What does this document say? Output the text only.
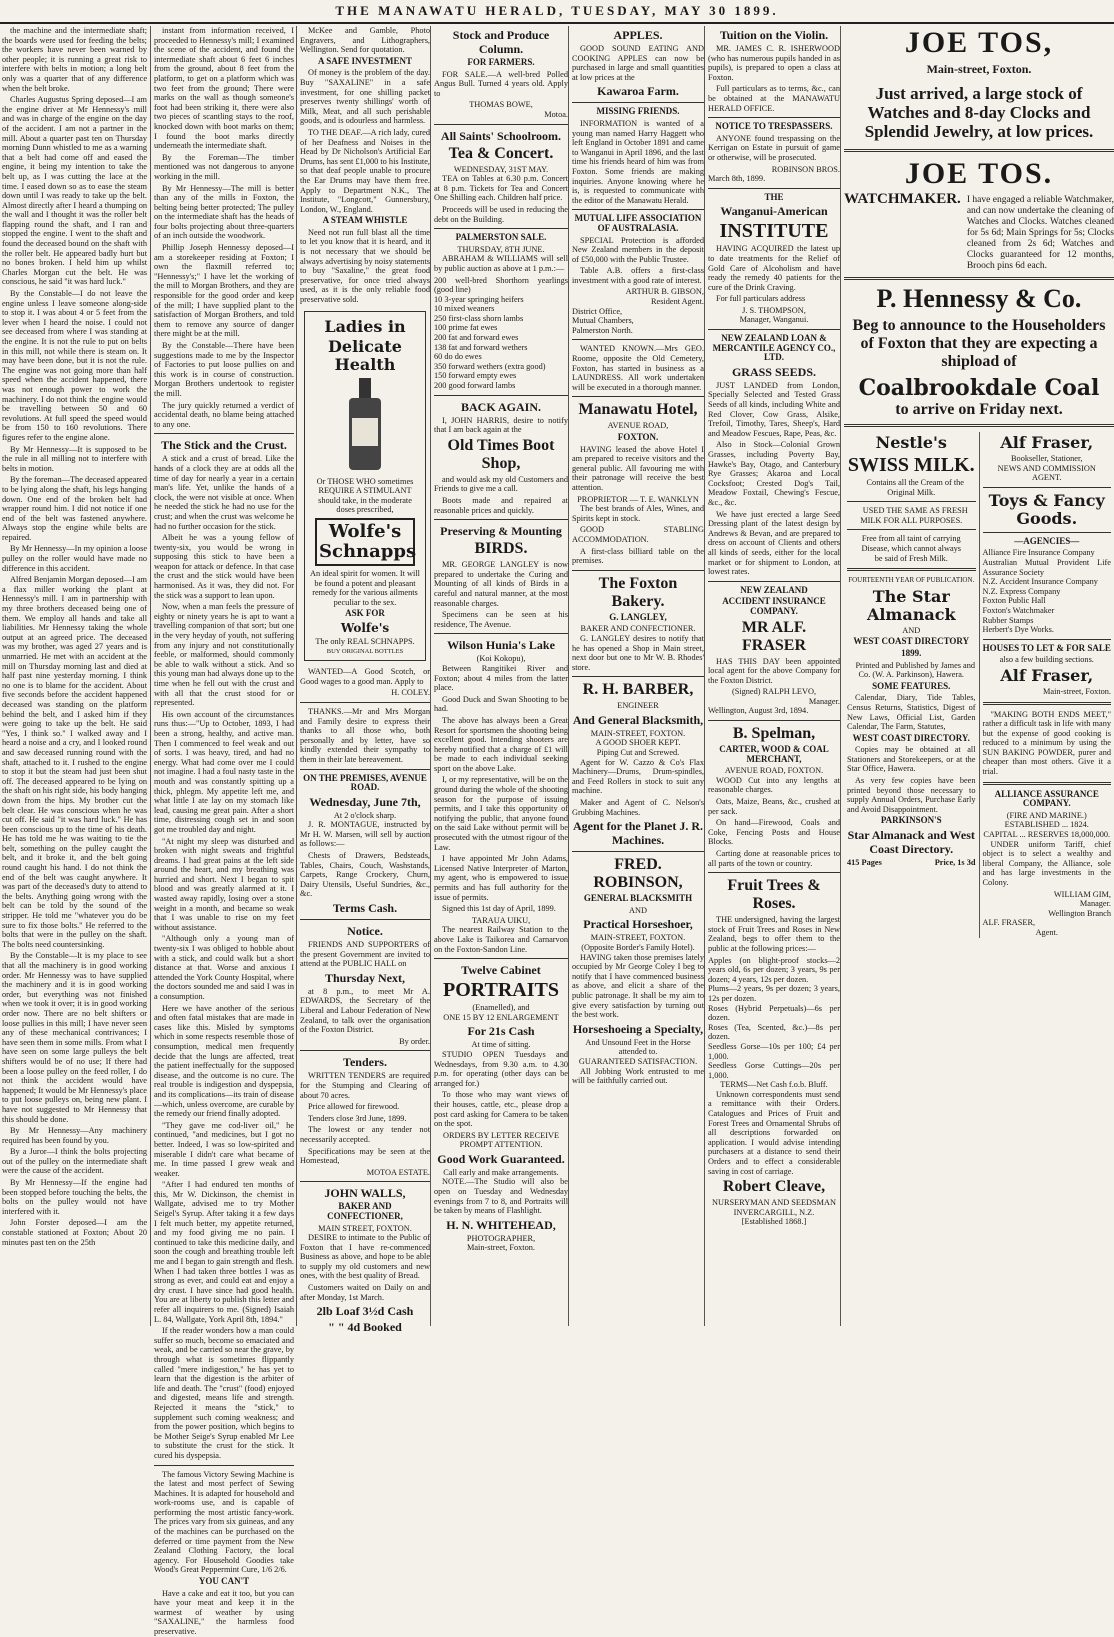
THE MANAWATU HERALD, TUESDAY, MAY 30 1899.

the machine and the intermediate shaft; the boards were used for feeding the belts; the workers have never been warned by other people; it is running a great risk to interfere with belts in motion; a long belt only was a quarter that of any difference when the belt broke.

Charles Augustus Spring deposed—I am the engine driver at Mr Hennessy's mill and was in charge of the engine on the day of the accident. I am not a partner in the mill. About a quarter past ten on Thursday morning Dunn whistled to me as a warning that a belt had come off and eased the engine, it being my intention to take the belt up, as I was cutting the lace at the time. I eased down so as to ease the steam down until I was ready to take up the belt. Almost directly after I heard a thumping on the wall and I thought it was the roller belt flapping round the shaft, and I ran and stopped the engine. I went to the shaft and found the deceased bound on the shaft with the roller belt. He appeared badly hurt but no bones broken. I held him up whilst Charles Morgan cut the belt. He was conscious, he said "it was hard luck."

By the Constable—I do not leave the engine unless I leave someone along-side to stop it. I was about 4 or 5 feet from the lever when I heard the noise. I could not see deceased from where I was standing at the engine. It is not the rule to put on belts in this mill, not while there is steam on. It may have been done, but it is not the rule. The engine was not going more than half speed when the accident happened, there was not enough power to work the machinery. I do not think the engine would be travelling between 50 and 60 revolutions. At full speed the speed would be from 150 to 160 revolutions. There figures refer to the engine alone.

By Mr Hennessy—It is supposed to be the rule in all milling not to interfere with belts in motion.

By the foreman—The deceased appeared to be lying along the shaft, his legs hanging down. One end of the broken belt had wrapper round him. I did not notice if one end of the belt was fastened anywhere. Always stop the engine while belts are repaired.

By Mr Hennessy—In my opinion a loose pulley on the roller would have made no difference in this accident.

Alfred Benjamin Morgan deposed—I am a flax miller working the plant at Hennessy's mill. I am in partnership with my three brothers deceased being one of them. We employ all hands and take all liabilities. Mr Hennessy taking the whole output at an agreed price. The deceased was my brother, was aged 27 years and is unmarried. He met with an accident at the mill on Thursday morning last and died at half past nine yesterday morning. I think no one is to blame for the accident. About five seconds before the accident happened deceased was standing on the platform behind the belt, and I asked him if they were going to take up the belt. He said "Yes, I think so." I walked away and I heard a noise and a cry, and I looked round and saw deceased running round with the shaft, attached to it. I rushed to the engine to stop it but the steam had just been shut off. The deceased appeared to be lying on the shaft on his right side, his body hanging down from the hips. My brother cut the belt clear. He was conscious when he was cut off. He said "it was hard luck." He has been conscious up to the time of his death. He has told me he was waiting to tie the belt, something on the pulley caught the belt, and it broke it, and the belt going round caught his hand. I do not think the end of the belt was caught anywhere. It was part of the deceased's duty to attend to the belts. Anything going wrong with the belt can be told by the sound of the stripper. He told me "whatever you do be sure to fix those bolts." He referred to the bolts that were in the pulley on the shaft. The bolts need countersinking.

By the Constable—It is my place to see that all the machinery is in good working order. Mr Hennessy was to have supplied the machinery and it is in good working order, but everything was not finished when we took it over; it is in good working order now. There are no belt shifters or loose pullies in this mill; I have never seen any of these mechanical contrivances; I have seen them in some mills. From what I have seen on some large pulleys the belt shifters would be of no use; If there had been a loose pulley on the feed roller, I do not think the accident would have happened; It would be Mr Hennessy's place to put loose pulleys on, being new plant. I have not suggested to Mr Hennessy that this should be done.

By Mr Hennessy—Any machinery required has been found by you.

By a Juror—I think the bolts projecting out of the pulley on the intermediate shaft were the cause of the accident.

By Mr Hennessy—If the engine had been stopped before touching the belts, the bolts on the pulley would not have interfered with it.

John Forster deposed—I am the constable stationed at Foxton; About 20 minutes past ten on the 25th

instant from information received, I proceeded to Hennessy's mill; I examined the scene of the accident, and found the intermediate shaft about 6 feet 6 inches from the ground, about 8 feet from the platform, to get on a platform which was two feet from the ground; There were marks on the wall as though someone's foot had been striking it, there were also two pieces of scantling stays to the roof, knocked down with boot marks on them; I found the boot marks directly underneath the intermediate shaft.

By the Foreman—The timber mentioned was not dangerous to anyone working in the mill.

By Mr Hennessy—The mill is better than any of the mills in Foxton, the belting being better protected; The pulley on the intermediate shaft has the heads of four bolts projecting about three-quarters of an inch outside the woodwork.

Phillip Joseph Hennessy deposed—I am a storekeeper residing at Foxton; I own the flaxmill referred to; "Hennessy's;" I have let the working of the mill to Morgan Brothers, and they are responsible for the good order and keep of the mill; I have supplied plant to the satisfaction of Morgan Brothers, and told them to remove any source of danger there might be at the mill.

By the Constable—There have been suggestions made to me by the Inspector of Factories to put loose pullies on and this work is in course of construction. Morgan Brothers undertook to register the mill.

The jury quickly returned a verdict of accidental death, no blame being attached to any one.

The Stick and the Crust.

A stick and a crust of bread. Like the hands of a clock they are at odds all the time of day for nearly a year in a certain man's life. Yet, unlike the hands of a clock, the were not visible at once. When he needed the stick he had no use for the crust; and when the crust was welcome he had no further occasion for the stick.

Albeit he was a young fellow of twenty-six, you would be wrong in supposing this stick to have been a weapon for attack or defence. In that case the crust and the stick would have been harmonised. As it was, they did not. For the stick was a support to lean upon.

Now, when a man feels the pressure of eighty or ninety years he is apt to want a travelling companion of that sort; but one in the very heyday of youth, not suffering from any injury and not constitutionally feeble, or malformed, should commonly be able to walk without a stick. And so this young man had always done up to the time when he fell out with the crust and with all that the crust stood for or represented.

His own account of the circumstances runs thus:—"Up to October, 1893, I had been a strong, healthy, and active man. Then I commenced to feel weak and out of sorts. I was heavy, tired, and had no energy. What had come over me I could not imagine. I had a foul nasty taste in the mouth and was constantly spitting up a thick, phlegm. My appetite left me, and what little I ate lay on my stomach like lead, causing me great pain. After a short time, distressing cough set in and soon got me troubled day and night.

"At night my sleep was disturbed and broken with night sweats and frightful dreams. I had great pains at the left side around the heart, and my breathing was hurried and short. Next I began to spit blood and was greatly alarmed at it. I wasted away rapidly, losing over a stone weight in a month, and became so weak that I was unable to rise on my feet without assistance.

"Although only a young man of twenty-six I was obliged to hobble about with a stick, and could walk but a short distance at that. Worse and anxious I attended the York County Hospital, where the doctors sounded me and said I was in a consumption.

Here we have another of the serious and often fatal mistakes that are made in cases like this. Misled by symptoms which in some respects resemble those of consumption, medical men frequently decide that the lungs are affected, treat the patient ineffectually for the supposed disease, and the outcome is no cure. The real trouble is indigestion and dyspepsia, and its complications—its train of disease—which, unless overcome, are curable by the remedy our friend finally adopted.

"They gave me cod-liver oil," he continued, "and medicines, but I got no better. Indeed, I was so low-spirited and miserable I didn't care what became of me. In time passed I grew weak and weaker.

"After I had endured ten months of this, Mr W. Dickinson, the chemist in Wallgate, advised me to try Mother Seigel's Syrup. After taking it a few days I felt much better, my appetite returned, and my food giving me no pain. I continued to take this medicine daily, and soon the cough and breathing trouble left me and I began to gain strength and flesh. When I had taken three bottles I was as strong as ever, and could eat and enjoy a dry crust. I have since had good health. You are at liberty to publish this letter and refer all inquirers to me. (Signed) Isaiah L. 84, Wallgate, York April 8th, 1894."

If the reader wonders how a man could suffer so much, become so emaciated and weak, and be carried so near the grave, by through what is sometimes flippantly called "mere indigestion," he has yet to learn that the digestion is the arbiter of life and death. The "crust" (food) enjoyed and digested, means life and strength. Rejected it means the "stick," to supplement such coming weakness; and from the power position, which begins to be Mother Seige's Syrup enabled Mr Lee to substitute the crust for the stick. It cured his dyspepsia.

The famous Victory Sewing Machine is the latest and most perfect of Sewing Machines. It is adapted for household and work-rooms use, and is capable of performing the most artistic fancy-work. The prices vary from six guineas, and any of the machines can be purchased on the deferred or time payment from the New Zealand Clothing Factory, the local agency. For Household Goodies take Wood's Great Peppermint Cure, 1/6 2/6.

YOU CAN'T

Have a cake and eat it too, but you can have your meat and keep it in the warmest of weather by using "SAXALINE," the harmless food preservative.

McKee and Gamble, Photo Engravers, and Lithographers, Wellington. Send for quotation.

A SAFE INVESTMENT

Of money is the problem of the day. Buy "SAXALINE" in a safe investment, for one shilling packet preserves twenty shillings' worth of Milk, Meat, and all such perishable goods, and is odourless and harmless.

TO THE DEAF.—A rich lady, cured of her Deafness and Noises in the Head by Dr Nicholson's Artificial Ear Drums, has sent £1,000 to his Institute, so that deaf people unable to procure the Ear Drums may have them free. Apply to Department N.K., The Institute, "Longcott," Gunnersbury, London, W., England.

A STEAM WHISTLE

Need not run full blast all the time to let you know that it is heard, and it is not necessary that we should be always advertising by noisy statements to buy "Saxaline," the great food preservative, for once tried always used, as it is the only reliable food preservative sold.

Ladies in
Delicate Health
Or THOSE WHO sometimes REQUIRE A STIMULANT should take, in the moderate doses prescribed,
Wolfe's
Schnapps
An ideal spirit for women. It will be found a potent and pleasant remedy for the various ailments peculiar to the sex.
ASK FOR
Wolfe's
The only REAL SCHNAPPS.
BUY ORIGINAL BOTTLES

WANTED—A Good Scotch, or Good wages to a good man. Apply to

H. COLEY.

THANKS.—Mr and Mrs Morgan and Family desire to express their thanks to all those who, both personally and by letter, have so kindly extended their sympathy to them in their late bereavement.

ON THE PREMISES, AVENUE ROAD.
Wednesday, June 7th,
At 2 o'clock sharp.

J. R. MONTAGUE, instructed by Mr H. W. Marsen, will sell by auction as follows:—

Chests of Drawers, Bedsteads, Tables, Chairs, Couch, Washstands, Carpets, Range Crockery, Churn, Dairy Utensils, Useful Sundries, &c., &c.

Terms Cash.
Notice.

FRIENDS AND SUPPORTERS of the present Government are invited to attend at the PUBLIC HALL on

Thursday Next,

at 8 p.m., to meet Mr A. EDWARDS, the Secretary of the Liberal and Labour Federation of New Zealand, to talk over the organisation of the Foxton District.

By order.
Tenders.

WRITTEN TENDERS are required for the Stumping and Clearing of about 70 acres.

Price allowed for firewood.

Tenders close 3rd June, 1899.

The lowest or any tender not necessarily accepted.

Specifications may be seen at the Homestead,

MOTOA ESTATE.
JOHN WALLS,
BAKER AND CONFECTIONER,
MAIN STREET, FOXTON.

DESIRE to intimate to the Public of Foxton that I have re-commenced Business as above, and hope to be able to supply my old customers and new ones, with the best quality of Bread.

Customers waited on Daily on and after Monday, 1st March.

2lb Loaf 3½d Cash
" " 4d Booked
Stock and Produce Column.
FOR FARMERS.

FOR SALE.—A well-bred Polled Angus Bull. Turned 4 years old. Apply to

THOMAS BOWE,
Motoa.
All Saints' Schoolroom.
Tea & Concert.
WEDNESDAY, 31ST MAY.

TEA on Tables at 6.30 p.m. Concert at 8 p.m. Tickets for Tea and Concert One Shilling each. Children half price.

Proceeds will be used in reducing the debt on the Building.

PALMERSTON SALE.
THURSDAY, 8TH JUNE.

ABRAHAM & WILLIAMS will sell by public auction as above at 1 p.m.:—

200 well-bred Shorthorn yearlings (good line)
10 3-year springing heifers
10 mixed weaners
250 first-class shorn lambs
100 prime fat ewes
200 fat and forward ewes
138 fat and forward wethers
60 do do ewes
350 forward wethers (extra good)
150 forward empty ewes
200 good forward lambs
BACK AGAIN.

I, JOHN HARRIS, desire to notify that I am back again at the

Old Times Boot Shop,

and would ask my old Customers and Friends to give me a call.

Boots made and repaired at reasonable prices and quickly.

Preserving & Mounting
BIRDS.

MR. GEORGE LANGLEY is now prepared to undertake the Curing and Mounting of all kinds of Birds in a careful and natural manner, at the most reasonable charges.

Specimens can be seen at his residence, The Avenue.

Wilson Hunia's Lake
(Koi Kokopu),

Between Rangitikei River and Foxton; about 4 miles from the latter place.

Good Duck and Swan Shooting to be had.

The above has always been a Great Resort for sportsmen the shooting being excellent good. Intending shooters are hereby notified that a charge of £1 will be made to each individual seeking sport on the above Lake.

I, or my representative, will be on the ground during the whole of the shooting season for the purpose of issuing permits, and I take this opportunity of notifying the public, that anyone found on the said Lake without permit will be prosecuted with the utmost rigour of the Law.

I have appointed Mr John Adams, Licensed Native Interpreter of Marton, my agent, who is empowered to issue permits and has full authority for the issue of permits.

Signed this 1st day of April, 1899.

TARAUA UIKU,

The nearest Railway Station to the above Lake is Taikorea and Carnarvon on the Foxton-Sandon Line.

Twelve Cabinet
PORTRAITS
(Enamelled), and
ONE 15 BY 12 ENLARGEMENT
For 21s Cash
At time of sitting.

STUDIO OPEN Tuesdays and Wednesdays, from 9.30 a.m. to 4.30 p.m. for operating (other days can be arranged for.)

To those who may want views of their houses, cattle, etc., please drop a post card asking for Camera to be taken on the spot.

ORDERS BY LETTER RECEIVE PROMPT ATTENTION.
Good Work Guaranteed.
Call early and make arrangements.

NOTE.—The Studio will also be open on Tuesday and Wednesday evenings from 7 to 8, and Portraits will be taken by means of Flashlight.

H. N. WHITEHEAD,
PHOTOGRAPHER,
Main-street, Foxton.
APPLES.

GOOD SOUND EATING AND COOKING APPLES can now be purchased in large and small quantities at low prices at the

Kawaroa Farm.
MISSING FRIENDS.

INFORMATION is wanted of a young man named Harry Haggett who left England in October 1891 and came to Wanganui in April 1896, and the last time his friends heard of him was from Foxton. Some friends are making inquiries. Anyone knowing where he is, is requested to communicate with the editor of the Manawatu Herald.

MUTUAL LIFE ASSOCIATION OF AUSTRALASIA.

SPECIAL Protection is afforded New Zealand members in the deposit of £50,000 with the Public Trustee.

Table A.B. offers a first-class investment with a good rate of interest.

ARTHUR B. GIBSON,
Resident Agent.
District Office,
Mutual Chambers,
Palmerston North.

WANTED KNOWN.—Mrs GEO. Roome, opposite the Old Cemetery, Foxton, has started in business as a LAUNDRESS. All work undertaken will be executed in a thorough manner.

Manawatu Hotel,
AVENUE ROAD,
FOXTON.

HAVING leased the above Hotel I am prepared to receive visitors and the general public. All favouring me with their patronage will receive the best attention.

PROPRIETOR — T. E. WANKLYN

The best brands of Ales, Wines, and Spirits kept in stock.

GOOD STABLING ACCOMMODATION.

A first-class billiard table on the premises.

The Foxton Bakery.
G. LANGLEY,
BAKER AND CONFECTIONER.

G. LANGLEY desires to notify that he has opened a Shop in Main street, next door but one to Mr W. B. Rhodes' store.

R. H. BARBER,
ENGINEER
And General Blacksmith,
MAIN-STREET, FOXTON.
A GOOD SHOER KEPT.
Piping Cut and Screwed.

Agent for W. Cazzo & Co's Flax Machinery—Drums, Drum-spindles, and Feed Rollers in stock to suit any machine.

Maker and Agent of C. Nelson's Grubbing Machines.

Agent for the Planet J. R. Machines.
FRED. ROBINSON,
GENERAL BLACKSMITH
AND
Practical Horseshoer,
MAIN-STREET, FOXTON.
(Opposite Border's Family Hotel).

HAVING taken those premises lately occupied by Mr George Coley I beg to notify that I have commenced business as above, and elicit a share of the public patronage. It shall be my aim to give every satisfaction by turning out the best work.

Horseshoeing a Specialty,
And Unsound Feet in the Horse attended to.
GUARANTEED SATISFACTION.

All Jobbing Work entrusted to me will be faithfully carried out.

Tuition on the Violin.

MR. JAMES C. R. ISHERWOOD (who has numerous pupils handed in as pupils), is prepared to open a class at Foxton.

Full particulars as to terms, &c., can be obtained at the MANAWATU HERALD OFFICE.

NOTICE TO TRESPASSERS.

ANYONE found trespassing on the Kerrigan on Estate in pursuit of game or otherwise, will be prosecuted.

ROBINSON BROS.
March 8th, 1899.
THE
Wanganui-American
INSTITUTE

HAVING ACQUIRED the latest up to date treatments for the Relief of Gold Care of Alcoholism and have ready the remedy 40 patients for the cure of the Drink Craving.

For full particulars address

J. S. THOMPSON,
Manager, Wanganui.
NEW ZEALAND LOAN & MERCANTILE AGENCY CO., LTD.
GRASS SEEDS.

JUST LANDED from London, Specially Selected and Tested Grass Seeds of all kinds, including White and Red Clover, Cow Grass, Alsike, Trefoil, Timothy, Tares, Sheep's, Hard and Meadow Fescues, Rape, Peas, &c.

Also in Stock—Colonial Grown Grasses, including Poverty Bay, Hawke's Bay, Otago, and Canterbury Rye Grasses; Akaroa and Local Cocksfoot; Crested Dog's Tail, Meadow Foxtail, Chewing's Fescue, &c., &c.

We have just erected a large Seed Dressing plant of the latest design by Andrews & Bevan, and are prepared to dress on account of Clients and others all kinds of seeds, either for the local market or for shipment to London, at lowest rates.

NEW ZEALAND
ACCIDENT INSURANCE COMPANY.
MR ALF. FRASER

HAS THIS DAY been appointed local agent for the above Company for the Foxton District.

(Signed) RALPH LEVO,
Manager.
Wellington, August 3rd, 1894.
B. Spelman,
CARTER, WOOD & COAL MERCHANT,
AVENUE ROAD, FOXTON.

WOOD Cut into any lengths at reasonable charges.

Oats, Maize, Beans, &c., crushed at per sack.

On hand—Firewood, Coals and Coke, Fencing Posts and House Blocks.

Carting done at reasonable prices to all parts of the town or country.

Fruit Trees & Roses.

THE undersigned, having the largest stock of Fruit Trees and Roses in New Zealand, begs to offer them to the public at the following prices:—

Apples (on blight-proof stocks—2 years old, 6s per dozen; 3 years, 9s per dozen; 4 years, 12s per dozen.
Plums—2 years, 9s per dozen; 3 years, 12s per dozen.
Roses (Hybrid Perpetuals)—6s per dozen.
Roses (Tea, Scented, &c.)—8s per dozen.
Seedless Gorse—10s per 100; £4 per 1,000.
Seedless Gorse Cuttings—20s per 1,000.
TERMS—Net Cash f.o.b. Bluff.

Unknown correspondents must send a remittance with their Orders. Catalogues and Prices of Fruit and Forest Trees and Ornamental Shrubs of all descriptions forwarded on application. I would advise intending purchasers at a distance to send their Orders and to effect a considerable saving in cost of carriage.

Robert Cleave,
NURSERYMAN AND SEEDSMAN
INVERCARGILL, N.Z.
[Established 1868.]
JOE TOS,
Main-street, Foxton.
Just arrived, a large stock of Watches and 8-day Clocks and Splendid Jewelry, at low prices.
JOE TOS.
WATCHMAKER. I have engaged a reliable Watchmaker, and can now undertake the cleaning of Watches and Clocks. Watches cleaned for 5s 6d; Main Springs for 5s; Clocks cleaned from 2s 6d; Watches and Clocks guaranteed for 12 months, Brooch pins 6d each.
P. Hennessy & Co.
Beg to announce to the Householders of Foxton that they are expecting a shipload of
Coalbrookdale Coal
to arrive on Friday next.
Nestle's
SWISS MILK.

Contains all the Cream of the Original Milk.

USED THE SAME AS FRESH MILK FOR ALL PURPOSES.

Free from all taint of carrying
Disease, which cannot always
be said of Fresh Milk.
FOURTEENTH YEAR OF PUBLICATION.
The Star Almanack
AND
WEST COAST DIRECTORY
1899.

Printed and Published by James and Co. (W. A. Parkinson), Hawera.

SOME FEATURES.

Calendar, Diary, Tide Tables, Census Returns, Statistics, Digest of New Laws, Official List, Garden Calendar, The Farm, Statutes,

WEST COAST DIRECTORY.

Copies may be obtained at all Stationers and Storekeepers, or at the Star Office, Hawera.

As very few copies have been printed beyond those necessary to supply Annual Orders, Purchase Early and Avoid Disappointment.

PARKINSON'S
Star Almanack and West Coast Directory.
415 Pages	Price, 1s 3d
Alf Fraser,
Bookseller, Stationer,
NEWS AND COMMISSION AGENT.
Toys & Fancy Goods.
—AGENCIES—
Alliance Fire Insurance Company
Australian Mutual Provident Life Assurance Society
N.Z. Accident Insurance Company
N.Z. Express Company
Foxton Public Hall
Foxton's Watchmaker
Rubber Stamps
Herbert's Dye Works.
HOUSES TO LET & FOR SALE
also a few building sections.
Alf Fraser,
Main-street, Foxton.

"MAKING BOTH ENDS MEET," rather a difficult task in life with many but the expense of good cooking is reduced to a minimum by using the SUN BAKING POWDER, purer and cheaper than most others. Give it a trial.

ALLIANCE ASSURANCE COMPANY.
(FIRE AND MARINE.)
ESTABLISHED ... 1824.
CAPITAL ... RESERVES 18,000,000.

UNDER uniform Tariff, chief object is to select a wealthy and liberal Company, the Alliance, sole and has large investments in the Colony.

WILLIAM GIM,
Manager.
Wellington Branch
ALF. FRASER,
Agent.
